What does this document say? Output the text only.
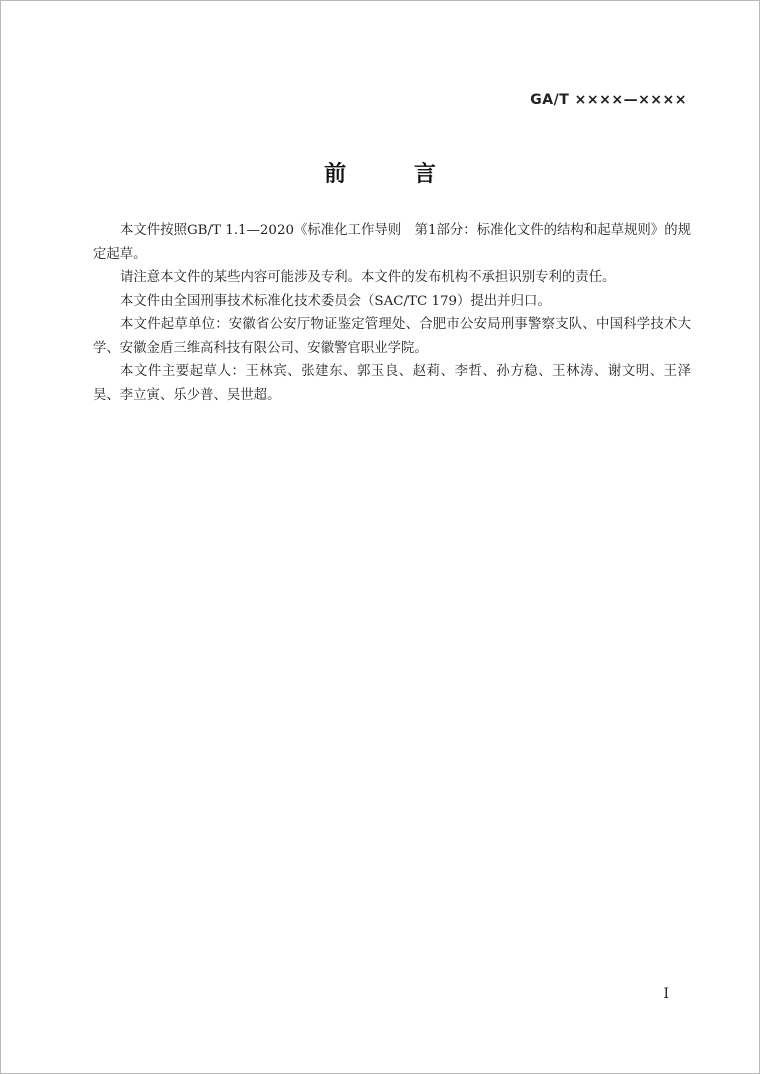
GA/T ××××—××××
前 言

本文件按照GB/T 1.1—2020《标准化工作导则　第1部分：标准化文件的结构和起草规则》的规定起草。

请注意本文件的某些内容可能涉及专利。本文件的发布机构不承担识别专利的责任。

本文件由全国刑事技术标准化技术委员会（SAC/TC 179）提出并归口。

本文件起草单位：安徽省公安厅物证鉴定管理处、合肥市公安局刑事警察支队、中国科学技术大学、安徽金盾三维高科技有限公司、安徽警官职业学院。

本文件主要起草人：王林宾、张建东、郭玉良、赵莉、李哲、孙方稳、王林涛、谢文明、王泽昊、李立寅、乐少普、吴世超。

I
